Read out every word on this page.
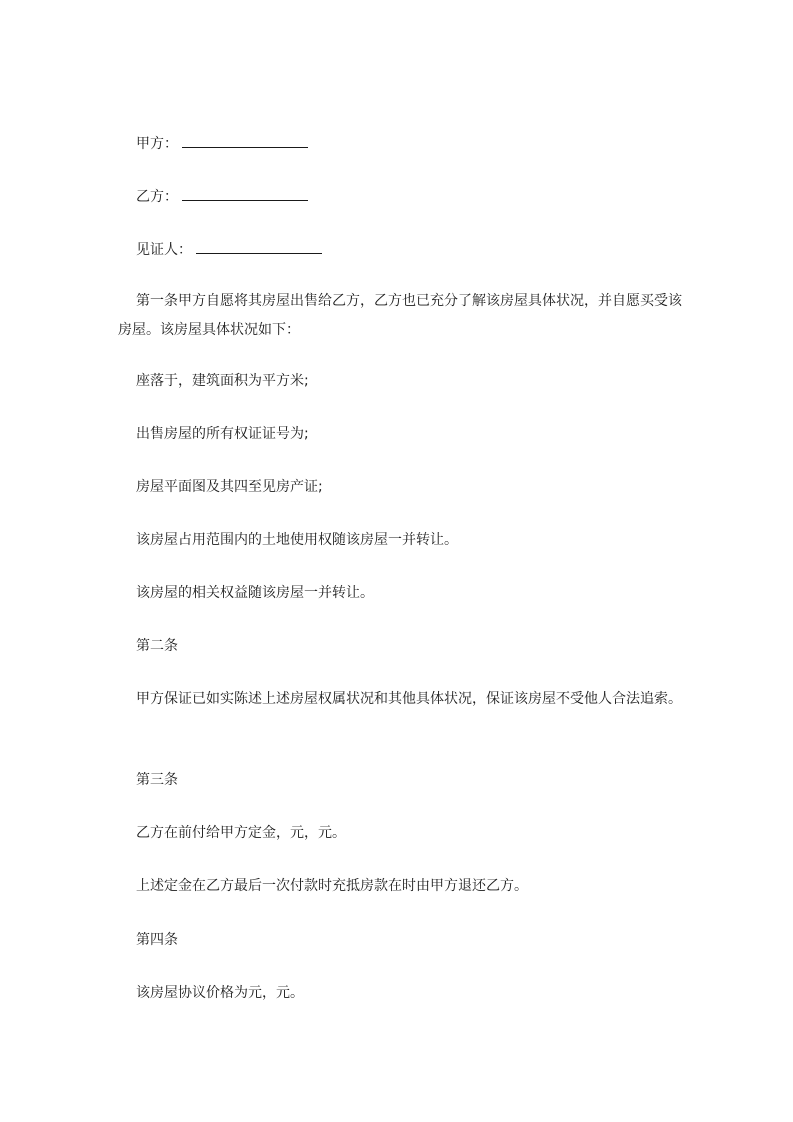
甲方：
乙方：
见证人：
第一条甲方自愿将其房屋出售给乙方，乙方也已充分了解该房屋具体状况，并自愿买受该房屋。该房屋具体状况如下：
座落于，建筑面积为平方米;
出售房屋的所有权证证号为;
房屋平面图及其四至见房产证;
该房屋占用范围内的土地使用权随该房屋一并转让。
该房屋的相关权益随该房屋一并转让。
第二条
甲方保证已如实陈述上述房屋权属状况和其他具体状况，保证该房屋不受他人合法追索。
第三条
乙方在前付给甲方定金，元，元。
上述定金在乙方最后一次付款时充抵房款在时由甲方退还乙方。
第四条
该房屋协议价格为元，元。
